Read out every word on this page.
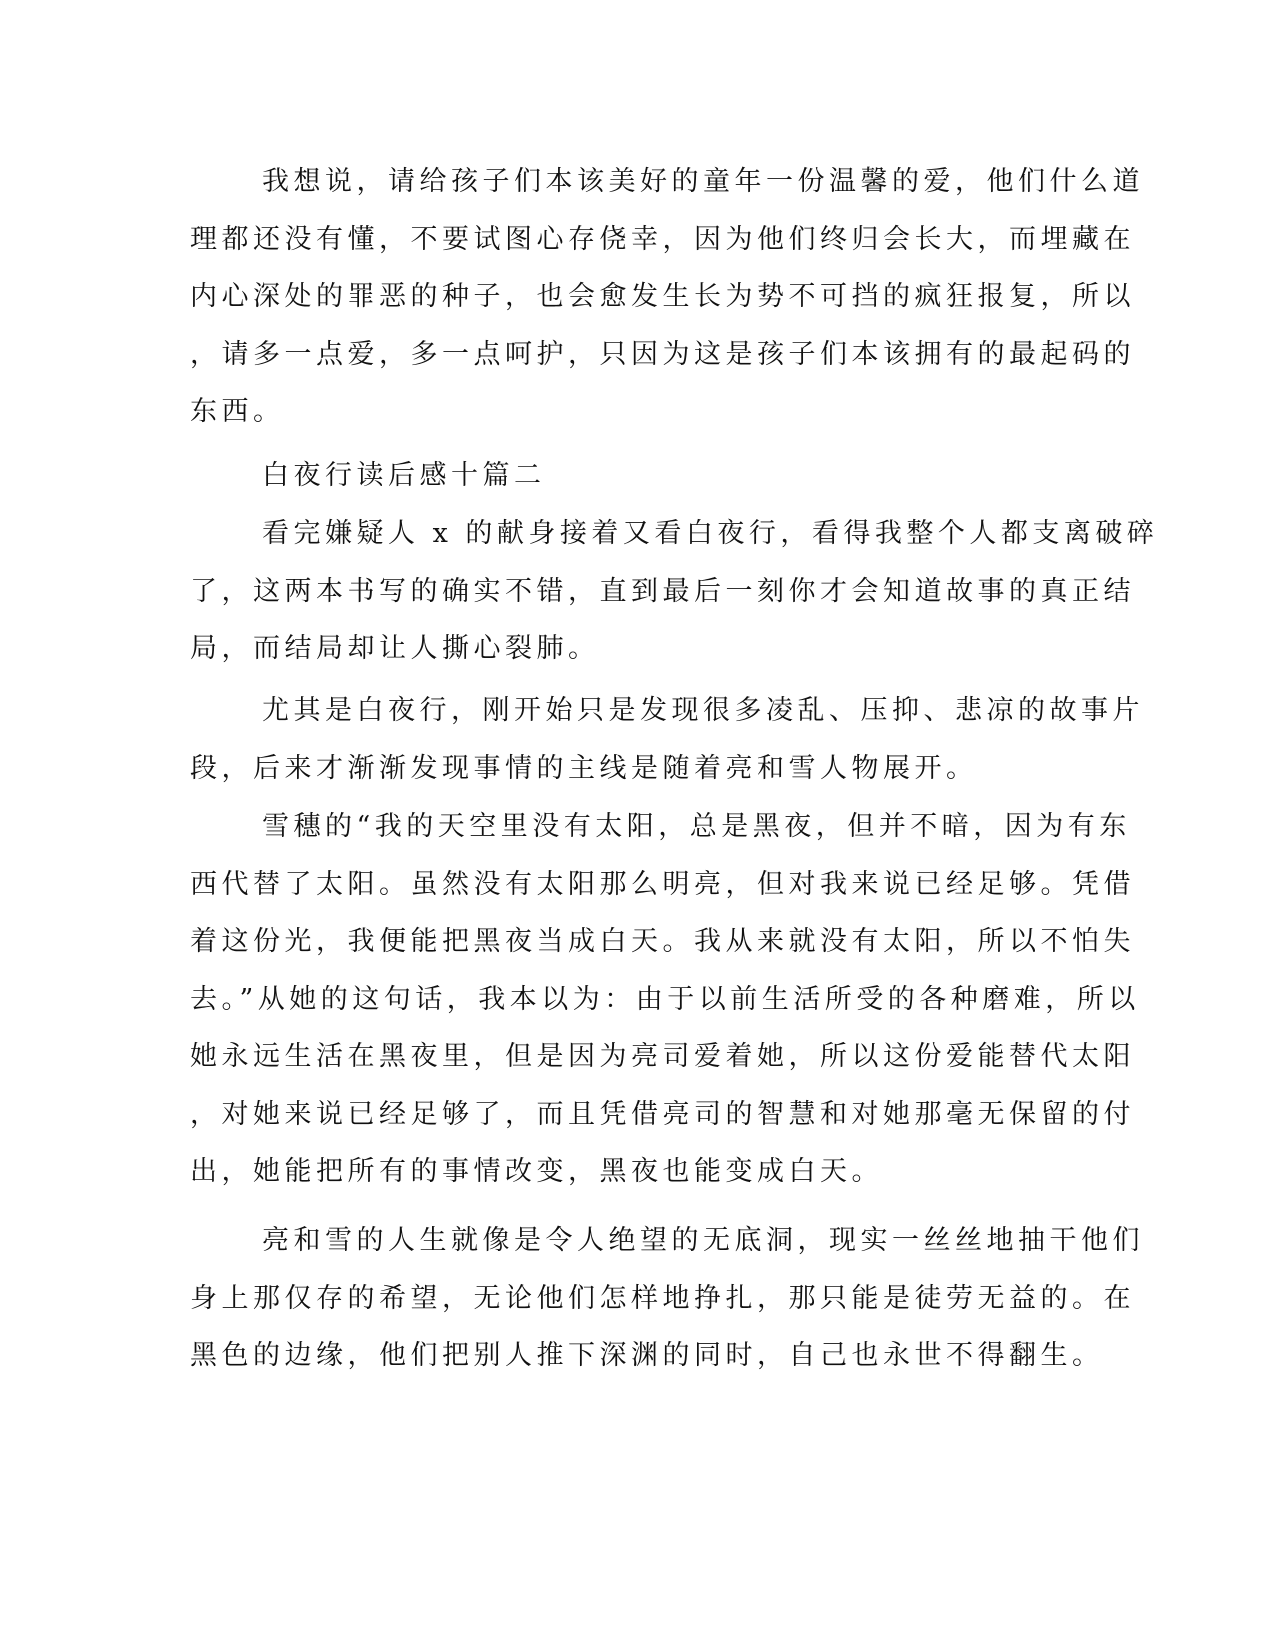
我想说，请给孩子们本该美好的童年一份温馨的爱，他们什么道
理都还没有懂，不要试图心存侥幸，因为他们终归会长大，而埋藏在
内心深处的罪恶的种子，也会愈发生长为势不可挡的疯狂报复，所以
，请多一点爱，多一点呵护，只因为这是孩子们本该拥有的最起码的
东西。
白夜行读后感十篇二
看完嫌疑人 x 的献身接着又看白夜行，看得我整个人都支离破碎
了，这两本书写的确实不错，直到最后一刻你才会知道故事的真正结
局，而结局却让人撕心裂肺。
尤其是白夜行，刚开始只是发现很多凌乱、压抑、悲凉的故事片
段，后来才渐渐发现事情的主线是随着亮和雪人物展开。
雪穗的“我的天空里没有太阳，总是黑夜，但并不暗，因为有东
西代替了太阳。虽然没有太阳那么明亮，但对我来说已经足够。凭借
着这份光，我便能把黑夜当成白天。我从来就没有太阳，所以不怕失
去。”从她的这句话，我本以为：由于以前生活所受的各种磨难，所以
她永远生活在黑夜里，但是因为亮司爱着她，所以这份爱能替代太阳
，对她来说已经足够了，而且凭借亮司的智慧和对她那毫无保留的付
出，她能把所有的事情改变，黑夜也能变成白天。
亮和雪的人生就像是令人绝望的无底洞，现实一丝丝地抽干他们
身上那仅存的希望，无论他们怎样地挣扎，那只能是徒劳无益的。在
黑色的边缘，他们把别人推下深渊的同时，自己也永世不得翻生。
